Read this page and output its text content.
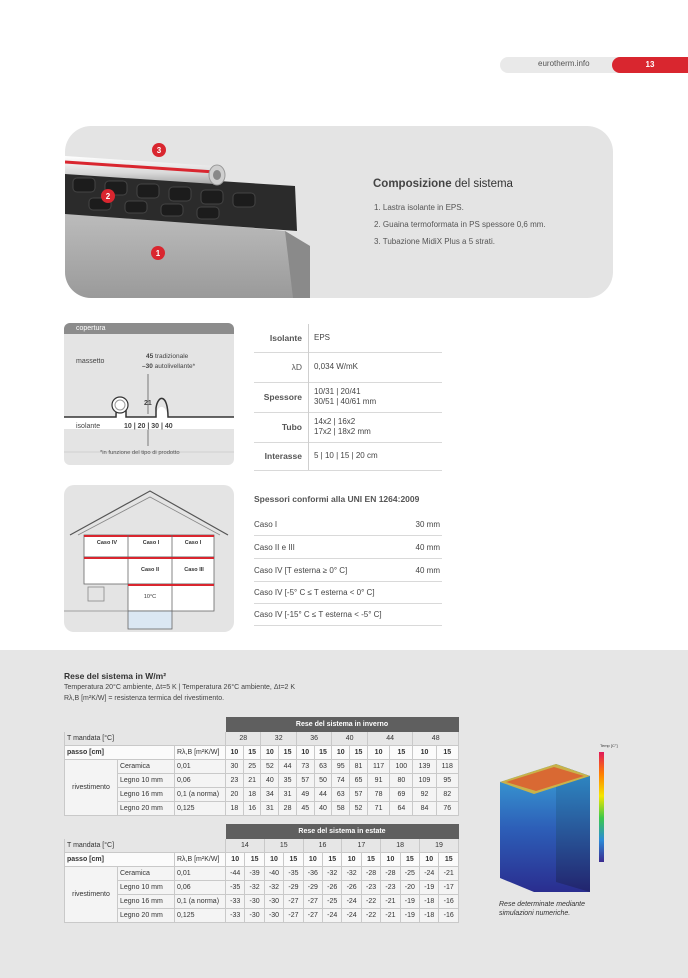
eurotherm.info	13
3
2
1
Composizione del sistema
1. Lastra isolante in EPS.
2. Guaina termoformata in PS spessore 0,6 mm.
3. Tubazione MidiX Plus a 5 strati.
copertura
massetto
45 tradizionale
–30 autolivellante*
21
isolante	10 | 20 | 30 | 40
*in funzione del tipo di prodotto
Isolante EPS
λD 0,034 W/mK
Spessore
10/31 | 20/41
30/51 | 40/61 mm
Tubo
14x2 | 16x2
17x2 | 18x2 mm
Interasse 5 | 10 | 15 | 20 cm
Caso IV	Caso I	Caso I
Caso II	Caso III
10°C
Spessori conformi alla UNI EN 1264:2009
Caso I	30 mm
Caso II e III	40 mm
Caso IV [T esterna ≥ 0° C]	40 mm
Caso IV [-5° C ≤ T esterna < 0° C]
Caso IV [-15° C ≤ T esterna < -5° C]
Rese del sistema in W/m²
Temperatura 20°C ambiente, Δt=5 K | Temperatura 26°C ambiente, Δt=2 K
Rλ,B [m²K/W] = resistenza termica del rivestimento.
			Rese del sistema in inverno											
T mandata [°C]			28		32		36		40		44		48	
passo [cm]		Rλ,B [m²K/W]	10	15	10	15	10	15	10	15	10	15	10	15
rivestimento	Ceramica	0,01	30	25	52	44	73	63	95	81	117	100	139	118
	Legno 10 mm	0,06	23	21	40	35	57	50	74	65	91	80	109	95
	Legno 16 mm	0,1 (a norma)	20	18	34	31	49	44	63	57	78	69	92	82
	Legno 20 mm	0,125	18	16	31	28	45	40	58	52	71	64	84	76
			Rese del sistema in estate											
T mandata [°C]			14		15		16		17		18		19	
passo [cm]		Rλ,B [m²K/W]	10	15	10	15	10	15	10	15	10	15	10	15
rivestimento	Ceramica	0,01	-44	-39	-40	-35	-36	-32	-32	-28	-28	-25	-24	-21
	Legno 10 mm	0,06	-35	-32	-32	-29	-29	-26	-26	-23	-23	-20	-19	-17
	Legno 16 mm	0,1 (a norma)	-33	-30	-30	-27	-27	-25	-24	-22	-21	-19	-18	-16
	Legno 20 mm	0,125	-33	-30	-30	-27	-27	-24	-24	-22	-21	-19	-18	-16
Temp [C°]
Rese determinate mediante
simulazioni numeriche.
